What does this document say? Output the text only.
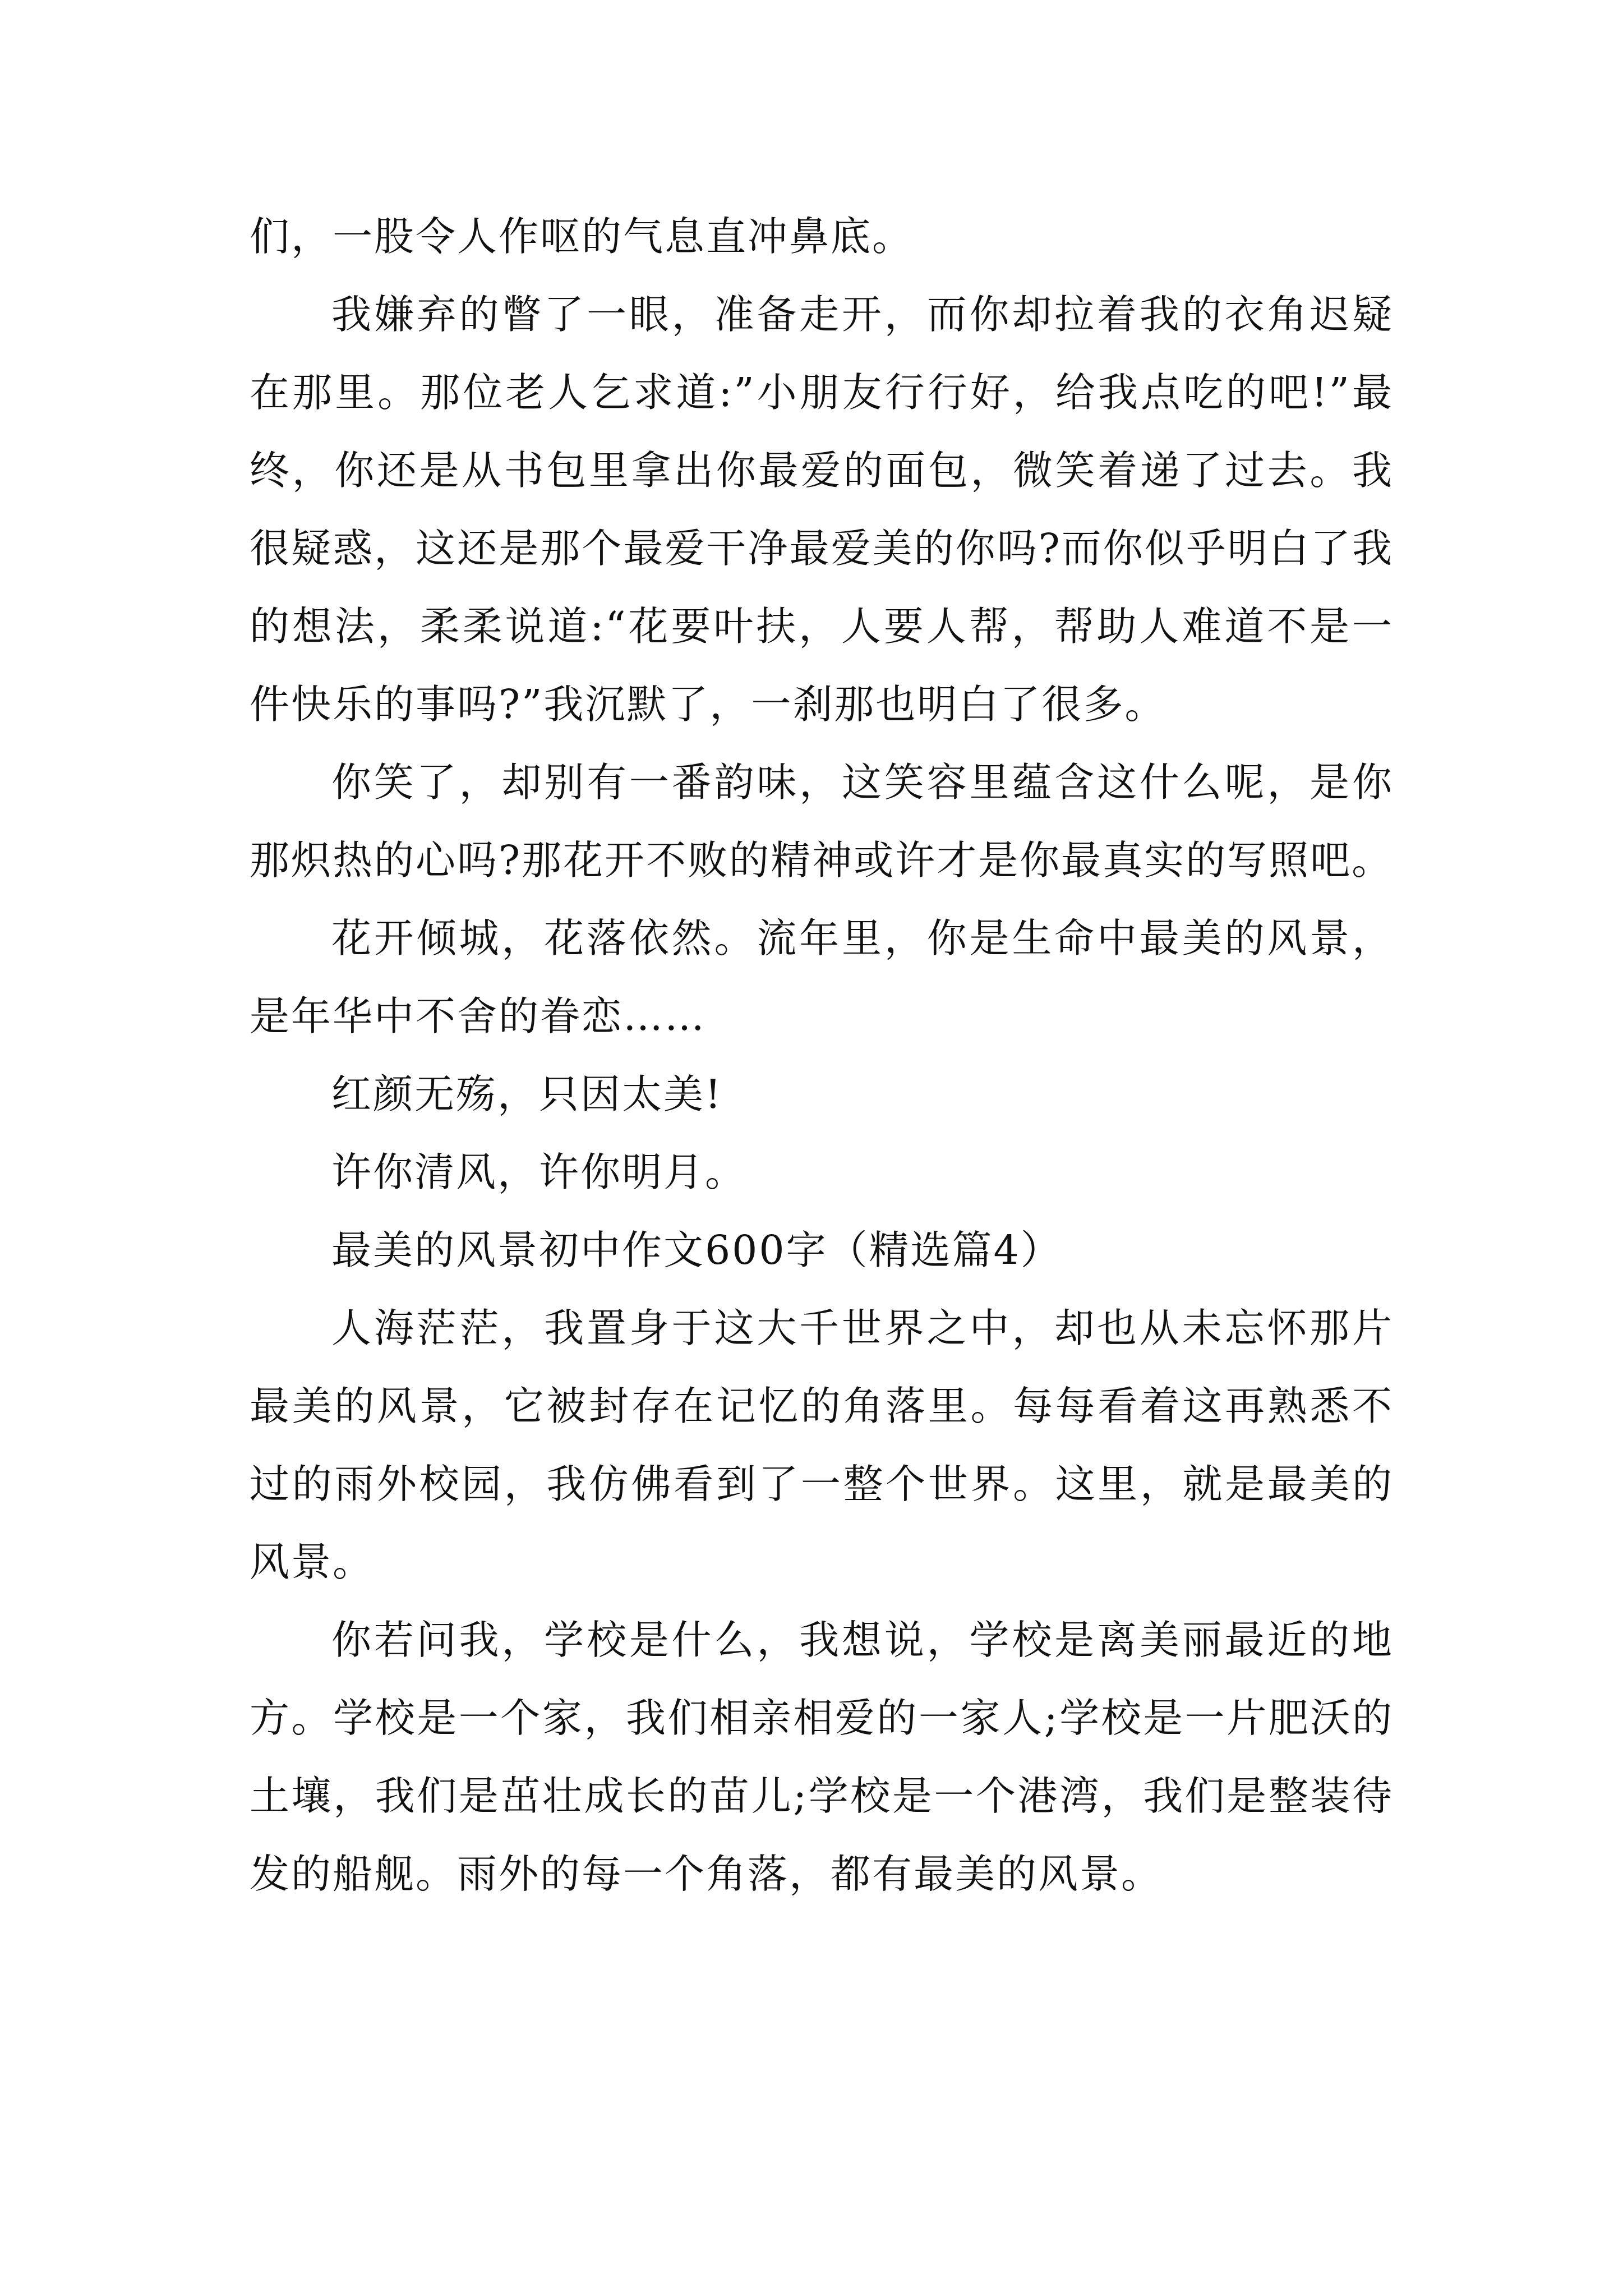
们，一股令人作呕的气息直冲鼻底。

我嫌弃的瞥了一眼，准备走开，而你却拉着我的衣角迟疑在那里。那位老人乞求道:”小朋友行行好，给我点吃的吧!”最终，你还是从书包里拿出你最爱的面包，微笑着递了过去。我很疑惑，这还是那个最爱干净最爱美的你吗?而你似乎明白了我的想法，柔柔说道:“花要叶扶，人要人帮，帮助人难道不是一件快乐的事吗?”我沉默了，一刹那也明白了很多。

你笑了，却别有一番韵味，这笑容里蕴含这什么呢，是你那炽热的心吗?那花开不败的精神或许才是你最真实的写照吧。

花开倾城，花落依然。流年里，你是生命中最美的风景，是年华中不舍的眷恋……

红颜无殇，只因太美!

许你清风，许你明月。

最美的风景初中作文600字（精选篇4）

人海茫茫，我置身于这大千世界之中，却也从未忘怀那片最美的风景，它被封存在记忆的角落里。每每看着这再熟悉不过的雨外校园，我仿佛看到了一整个世界。这里，就是最美的风景。

你若问我，学校是什么，我想说，学校是离美丽最近的地方。学校是一个家，我们相亲相爱的一家人;学校是一片肥沃的土壤，我们是茁壮成长的苗儿;学校是一个港湾，我们是整装待发的船舰。雨外的每一个角落，都有最美的风景。
